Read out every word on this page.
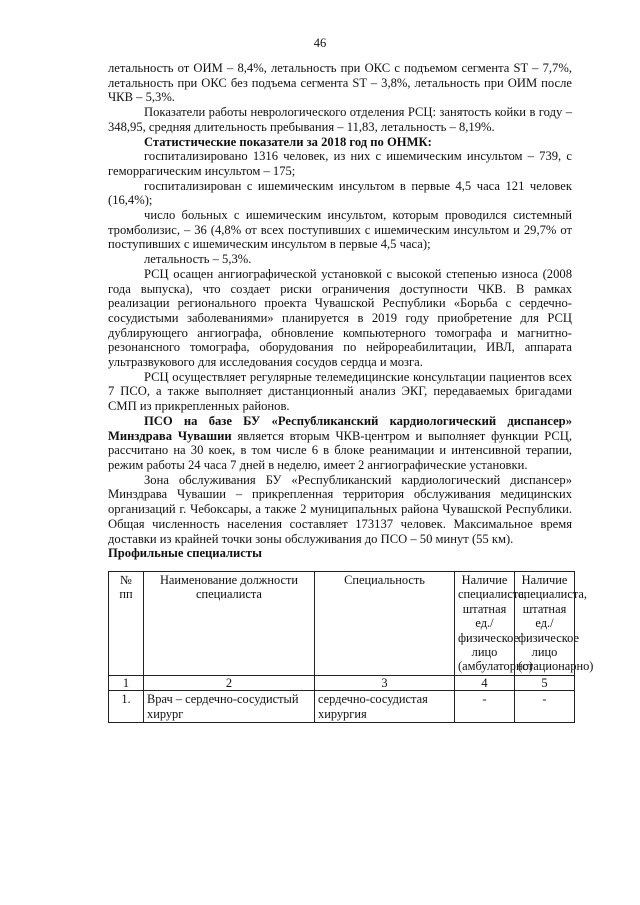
46

летальность от ОИМ – 8,4%, летальность при ОКС с подъемом сегмента ST – 7,7%, летальность при ОКС без подъема сегмента ST – 3,8%, летальность при ОИМ после ЧКВ – 5,3%.

Показатели работы неврологического отделения РСЦ: занятость койки в году – 348,95, средняя длительность пребывания – 11,83, летальность – 8,19%.

Статистические показатели за 2018 год по ОНМК:

госпитализировано 1316 человек, из них с ишемическим инсультом – 739, с геморрагическим инсультом – 175;

госпитализирован с ишемическим инсультом в первые 4,5 часа 121 человек (16,4%);

число больных с ишемическим инсультом, которым проводился системный тромболизис, – 36 (4,8% от всех поступивших с ишемическим инсультом и 29,7% от поступивших с ишемическим инсультом в первые 4,5 часа);

летальность – 5,3%.

РСЦ осащен ангиографической установкой с высокой степенью износа (2008 года выпуска), что создает риски ограничения доступности ЧКВ. В рамках реализации регионального проекта Чувашской Республики «Борьба с сердечно-сосудистыми заболеваниями» планируется в 2019 году приобретение для РСЦ дублирующего ангиографа, обновление компьютерного томографа и магнитно-резонансного томографа, оборудования по нейрореабилитации, ИВЛ, аппарата ультразвукового для исследования сосудов сердца и мозга.

РСЦ осуществляет регулярные телемедицинские консультации пациентов всех 7 ПСО, а также выполняет дистанционный анализ ЭКГ, передаваемых бригадами СМП из прикрепленных районов.

ПСО на базе БУ «Республиканский кардиологический диспансер» Минздрава Чувашии является вторым ЧКВ-центром и выполняет функции РСЦ, рассчитано на 30 коек, в том числе 6 в блоке реанимации и интенсивной терапии, режим работы 24 часа 7 дней в неделю, имеет 2 ангиографические установки.

Зона обслуживания БУ «Республиканский кардиологический диспансер» Минздрава Чувашии – прикрепленная территория обслуживания медицинских организаций г. Чебоксары, а также 2 муниципальных района Чувашской Республики. Общая численность населения составляет 173137 человек. Максимальное время доставки из крайней точки зоны обслуживания до ПСО – 50 минут (55 км).

Профильные специалисты

№ пп	Наименование должности специалиста	Специальность	Наличие специалиста, штатная ед./физическое лицо (амбулаторно)	Наличие специалиста, штатная ед./физическое лицо (стационарно)
1	2	3	4	5
1.	Врач – сердечно-сосудистый хирург	сердечно-сосудистая хирургия	-	-
